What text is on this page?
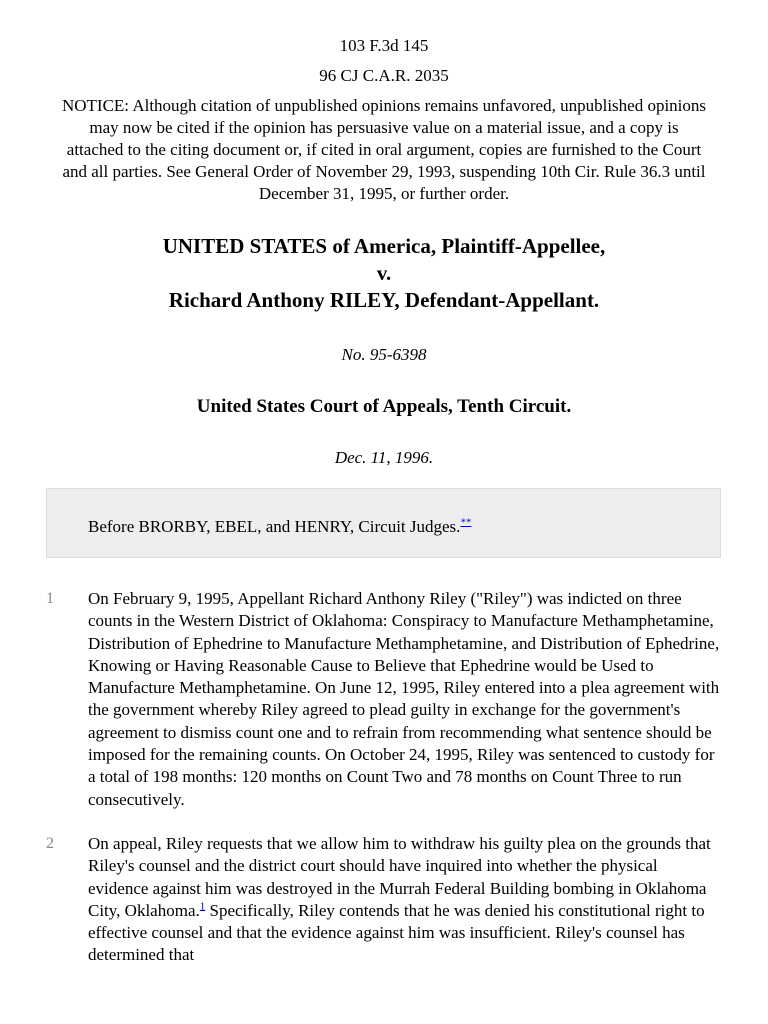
103 F.3d 145
96 CJ C.A.R. 2035
NOTICE: Although citation of unpublished opinions remains unfavored, unpublished opinions may now be cited if the opinion has persuasive value on a material issue, and a copy is attached to the citing document or, if cited in oral argument, copies are furnished to the Court and all parties. See General Order of November 29, 1993, suspending 10th Cir. Rule 36.3 until December 31, 1995, or further order.
UNITED STATES of America, Plaintiff-Appellee,
v.
Richard Anthony RILEY, Defendant-Appellant.
No. 95-6398
United States Court of Appeals, Tenth Circuit.
Dec. 11, 1996.
Before BRORBY, EBEL, and HENRY, Circuit Judges.**
1 On February 9, 1995, Appellant Richard Anthony Riley ("Riley") was indicted on three counts in the Western District of Oklahoma: Conspiracy to Manufacture Methamphetamine, Distribution of Ephedrine to Manufacture Methamphetamine, and Distribution of Ephedrine, Knowing or Having Reasonable Cause to Believe that Ephedrine would be Used to Manufacture Methamphetamine. On June 12, 1995, Riley entered into a plea agreement with the government whereby Riley agreed to plead guilty in exchange for the government's agreement to dismiss count one and to refrain from recommending what sentence should be imposed for the remaining counts. On October 24, 1995, Riley was sentenced to custody for a total of 198 months: 120 months on Count Two and 78 months on Count Three to run consecutively.
2 On appeal, Riley requests that we allow him to withdraw his guilty plea on the grounds that Riley's counsel and the district court should have inquired into whether the physical evidence against him was destroyed in the Murrah Federal Building bombing in Oklahoma City, Oklahoma.$^1$ Specifically, Riley contends that he was denied his constitutional right to effective counsel and that the evidence against him was insufficient. Riley's counsel has determined that
